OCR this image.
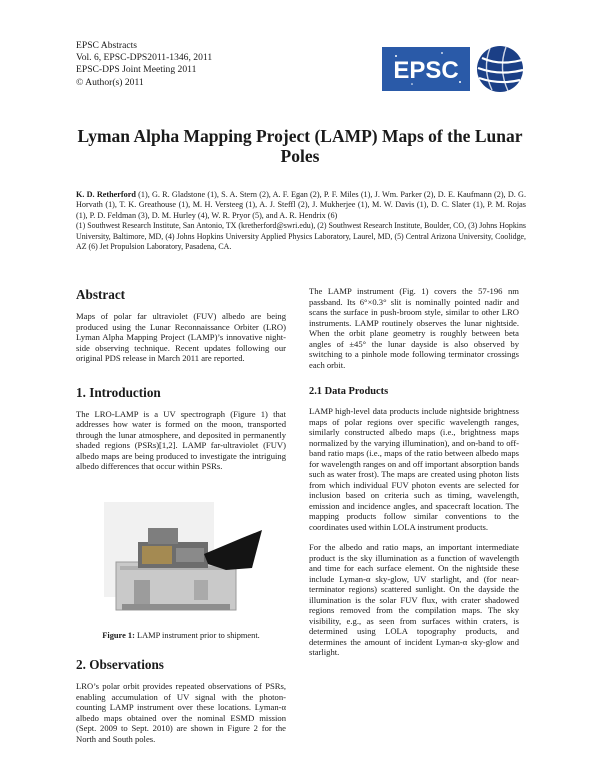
EPSC Abstracts
Vol. 6, EPSC-DPS2011-1346, 2011
EPSC-DPS Joint Meeting 2011
© Author(s) 2011	EPSC
Lyman Alpha Mapping Project (LAMP) Maps of the Lunar Poles
K. D. Retherford (1), G. R. Gladstone (1), S. A. Stern (2), A. F. Egan (2), P. F. Miles (1), J. Wm. Parker (2), D. E. Kaufmann (2), D. G. Horvath (1), T. K. Greathouse (1), M. H. Versteeg (1), A. J. Steffl (2), J. Mukherjee (1), M. W. Davis (1), D. C. Slater (1), P. M. Rojas (1), P. D. Feldman (3), D. M. Hurley (4), W. R. Pryor (5), and A. R. Hendrix (6)
(1) Southwest Research Institute, San Antonio, TX (kretherford@swri.edu), (2) Southwest Research Institute, Boulder, CO, (3) Johns Hopkins University, Baltimore, MD, (4) Johns Hopkins University Applied Physics Laboratory, Laurel, MD, (5) Central Arizona University, Coolidge, AZ (6) Jet Propulsion Laboratory, Pasadena, CA.
Abstract

Maps of polar far ultraviolet (FUV) albedo are being produced using the Lunar Reconnaissance Orbiter (LRO) Lyman Alpha Mapping Project (LAMP)’s innovative night-side observing technique. Recent updates following our original PDS release in March 2011 are reported.

1. Introduction

The LRO-LAMP is a UV spectrograph (Figure 1) that addresses how water is formed on the moon, transported through the lunar atmosphere, and deposited in permanently shaded regions (PSRs)[1,2]. LAMP far-ultraviolet (FUV) albedo maps are being produced to investigate the intriguing albedo differences that occur within PSRs.

Figure 1: LAMP instrument prior to shipment.
2. Observations

LRO’s polar orbit provides repeated observations of PSRs, enabling accumulation of UV signal with the photon-counting LAMP instrument over these locations. Lyman-α albedo maps obtained over the nominal ESMD mission (Sept. 2009 to Sept. 2010) are shown in Figure 2 for the North and South poles.

The LAMP instrument (Fig. 1) covers the 57-196 nm passband. Its 6°×0.3° slit is nominally pointed nadir and scans the surface in push-broom style, similar to other LRO instruments. LAMP routinely observes the lunar nightside. When the orbit plane geometry is roughly between beta angles of ±45° the lunar dayside is also observed by switching to a pinhole mode following terminator crossings each orbit.

2.1 Data Products

LAMP high-level data products include nightside brightness maps of polar regions over specific wavelength ranges, similarly constructed albedo maps (i.e., brightness maps normalized by the varying illumination), and on-band to off-band ratio maps (i.e., maps of the ratio between albedo maps for wavelength ranges on and off important absorption bands such as water frost). The maps are created using photon lists from which individual FUV photon events are selected for inclusion based on criteria such as timing, wavelength, emission and incidence angles, and spacecraft location. The mapping products follow similar conventions to the coordinates used within LOLA instrument products.

For the albedo and ratio maps, an important intermediate product is the sky illumination as a function of wavelength and time for each surface element. On the nightside these include Lyman-α sky-glow, UV starlight, and (for near-terminator regions) scattered sunlight. On the dayside the illumination is the solar FUV flux, with crater shadowed regions removed from the compilation maps. The sky visibility, e.g., as seen from surfaces within craters, is determined using LOLA topography products, and determines the amount of incident Lyman-α sky-glow and starlight.
